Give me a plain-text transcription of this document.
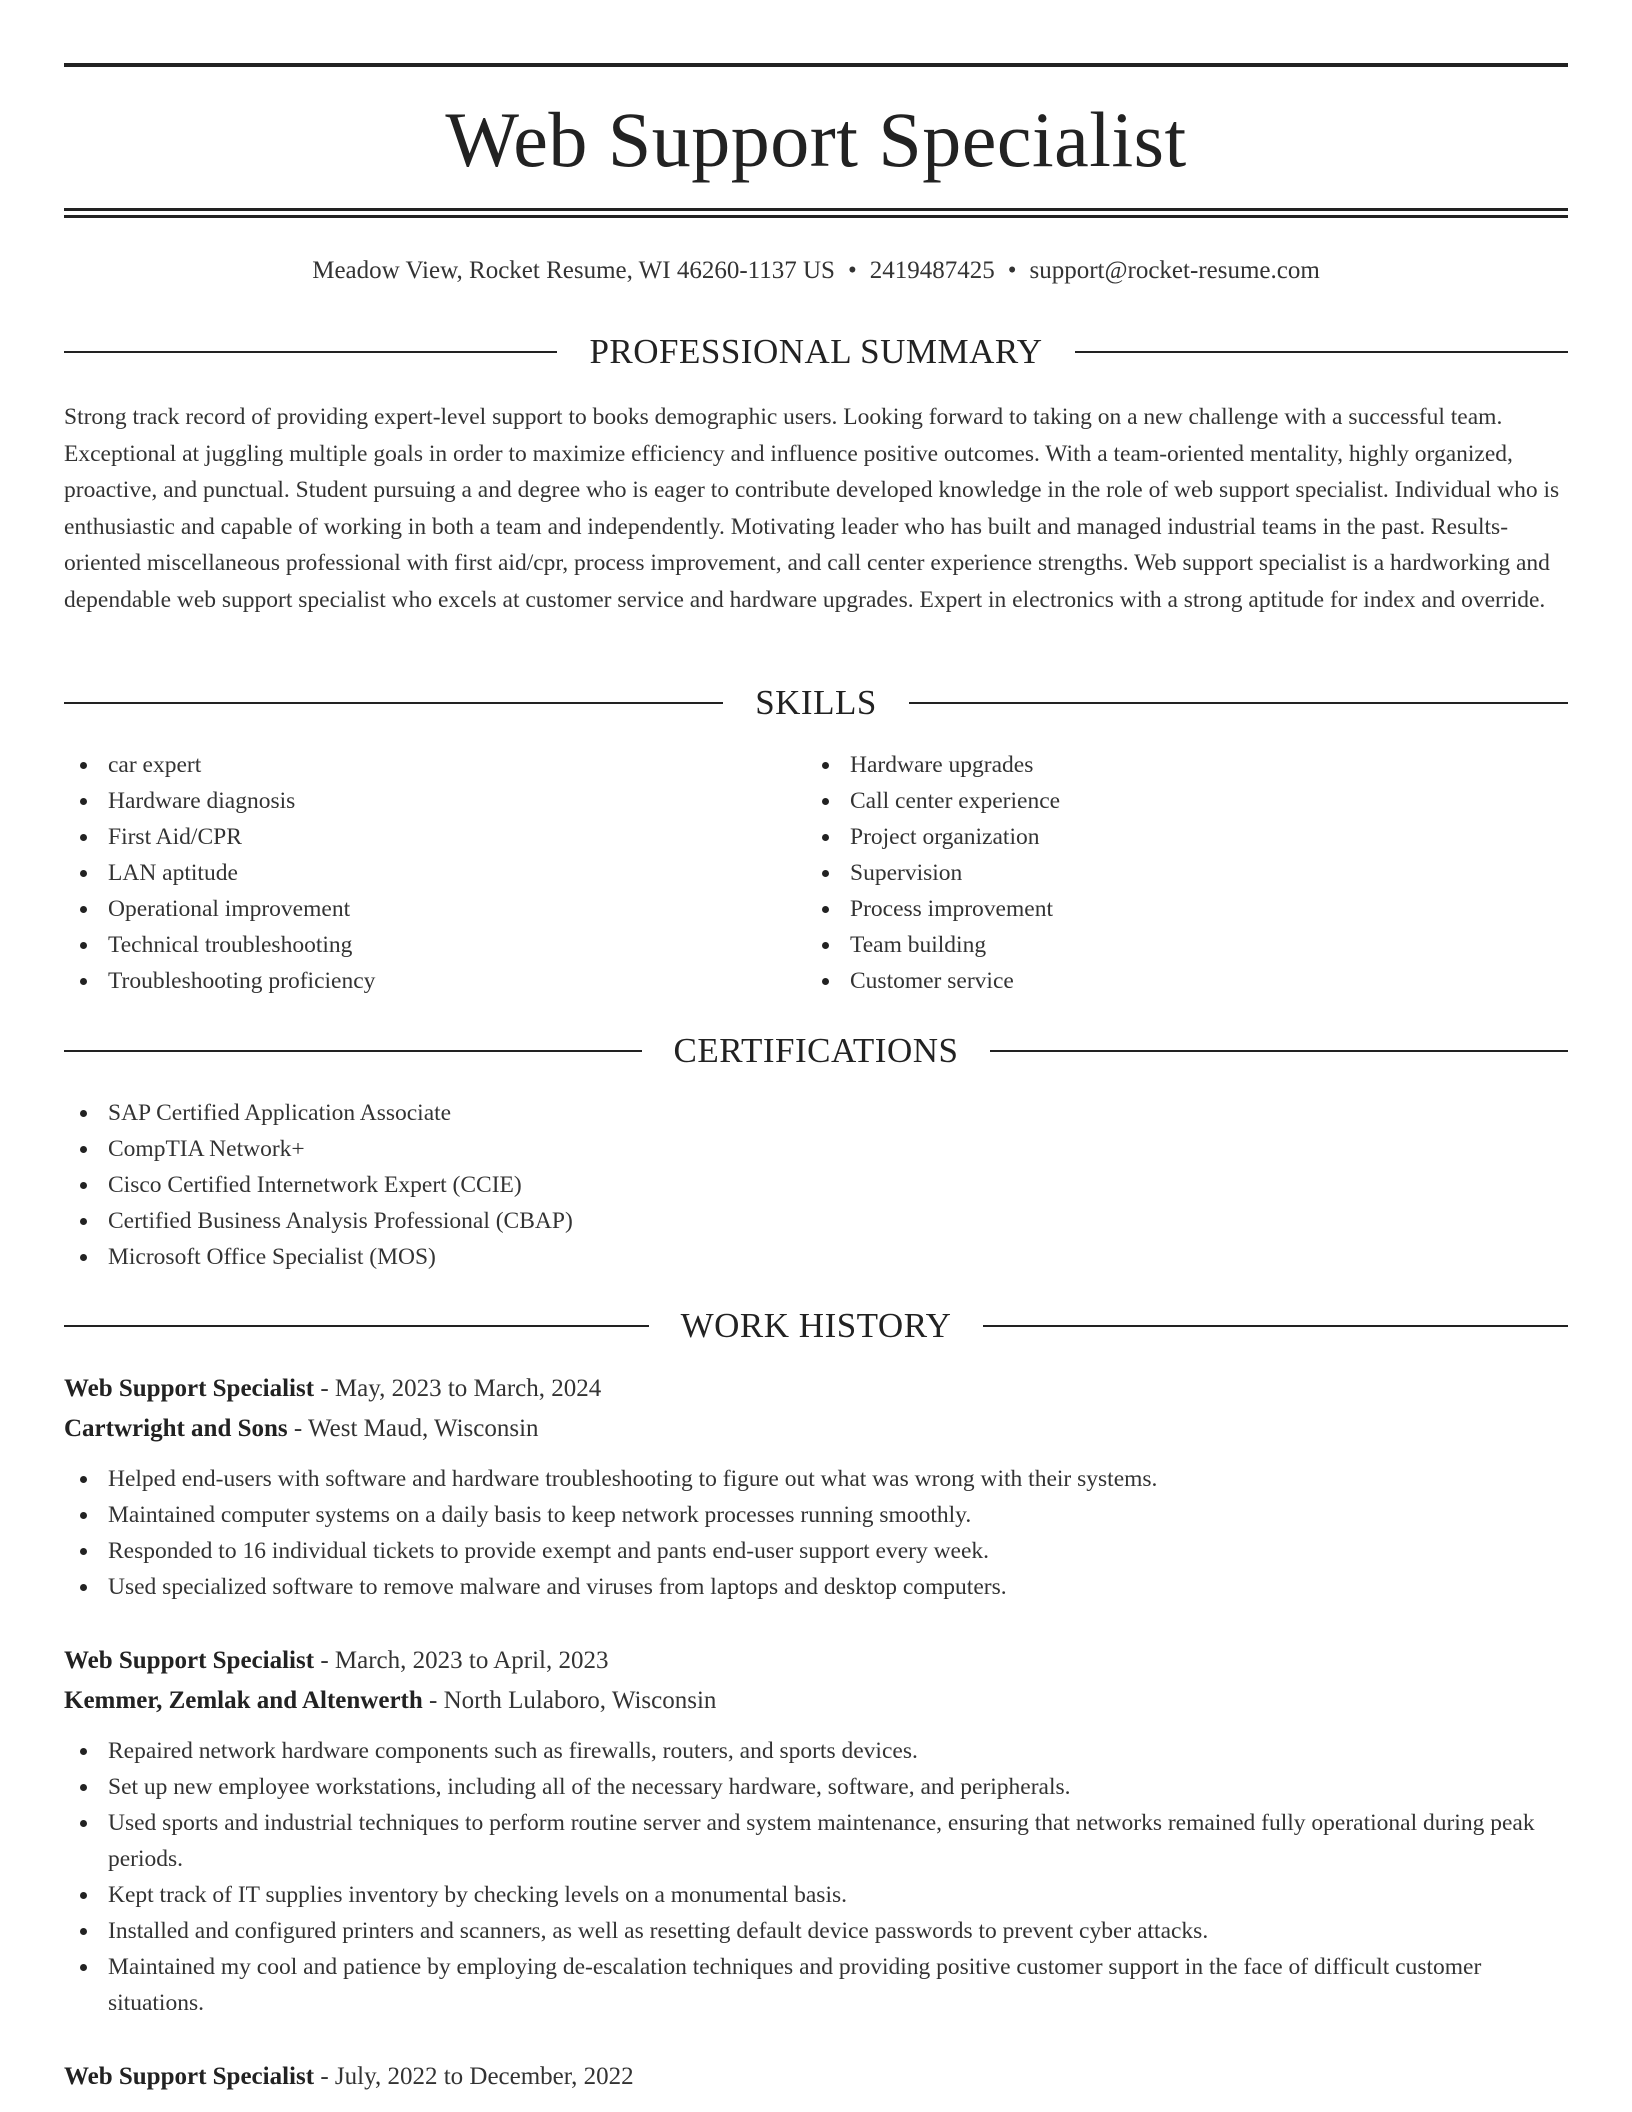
Web Support Specialist
Meadow View, Rocket Resume, WI 46260-1137 US • 2419487425 • support@rocket-resume.com
PROFESSIONAL SUMMARY

Strong track record of providing expert-level support to books demographic users. Looking forward to taking on a new challenge with a successful team. Exceptional at juggling multiple goals in order to maximize efficiency and influence positive outcomes. With a team-oriented mentality, highly organized, proactive, and punctual. Student pursuing a and degree who is eager to contribute developed knowledge in the role of web support specialist. Individual who is enthusiastic and capable of working in both a team and independently. Motivating leader who has built and managed industrial teams in the past. Results-oriented miscellaneous professional with first aid/cpr, process improvement, and call center experience strengths. Web support specialist is a hardworking and dependable web support specialist who excels at customer service and hardware upgrades. Expert in electronics with a strong aptitude for index and override.

SKILLS
car expert
Hardware diagnosis
First Aid/CPR
LAN aptitude
Operational improvement
Technical troubleshooting
Troubleshooting proficiency
Hardware upgrades
Call center experience
Project organization
Supervision
Process improvement
Team building
Customer service
CERTIFICATIONS
SAP Certified Application Associate
CompTIA Network+
Cisco Certified Internetwork Expert (CCIE)
Certified Business Analysis Professional (CBAP)
Microsoft Office Specialist (MOS)
WORK HISTORY
Web Support Specialist - May, 2023 to March, 2024
Cartwright and Sons - West Maud, Wisconsin
Helped end-users with software and hardware troubleshooting to figure out what was wrong with their systems.
Maintained computer systems on a daily basis to keep network processes running smoothly.
Responded to 16 individual tickets to provide exempt and pants end-user support every week.
Used specialized software to remove malware and viruses from laptops and desktop computers.
Web Support Specialist - March, 2023 to April, 2023
Kemmer, Zemlak and Altenwerth - North Lulaboro, Wisconsin
Repaired network hardware components such as firewalls, routers, and sports devices.
Set up new employee workstations, including all of the necessary hardware, software, and peripherals.
Used sports and industrial techniques to perform routine server and system maintenance, ensuring that networks remained fully operational during peak periods.
Kept track of IT supplies inventory by checking levels on a monumental basis.
Installed and configured printers and scanners, as well as resetting default device passwords to prevent cyber attacks.
Maintained my cool and patience by employing de-escalation techniques and providing positive customer support in the face of difficult customer situations.
Web Support Specialist - July, 2022 to December, 2022
